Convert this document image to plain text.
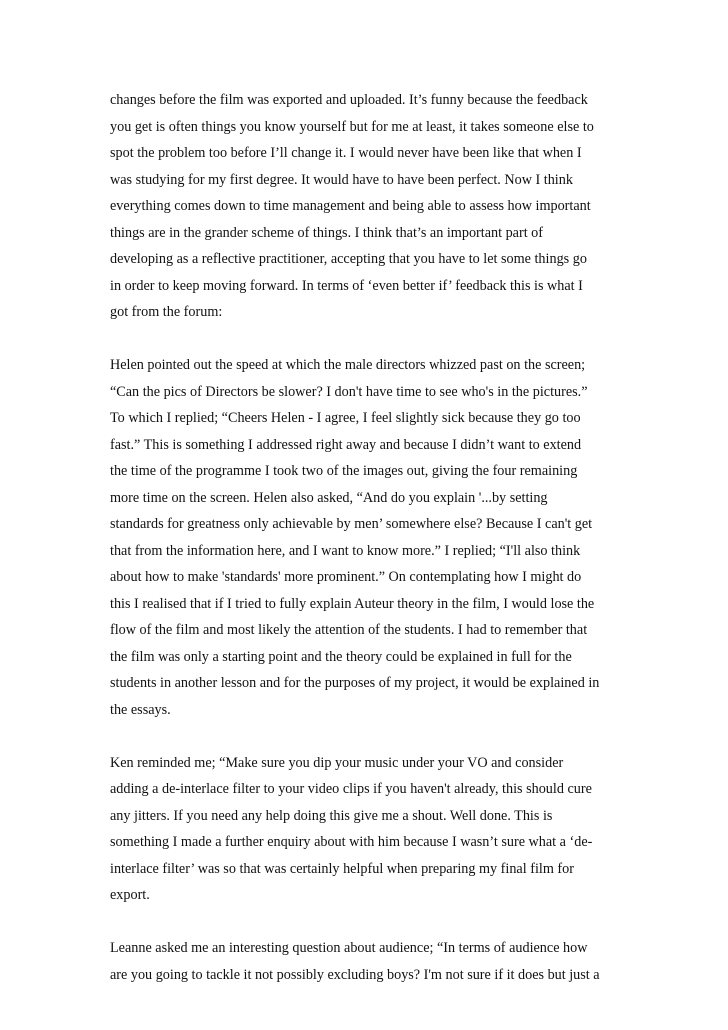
changes before the film was exported and uploaded. It’s funny because the feedback
you get is often things you know yourself but for me at least, it takes someone else to
spot the problem too before I’ll change it. I would never have been like that when I
was studying for my first degree. It would have to have been perfect. Now I think
everything comes down to time management and being able to assess how important
things are in the grander scheme of things. I think that’s an important part of
developing as a reflective practitioner, accepting that you have to let some things go
in order to keep moving forward. In terms of ‘even better if’ feedback this is what I
got from the forum:
Helen pointed out the speed at which the male directors whizzed past on the screen;
“Can the pics of Directors be slower? I don't have time to see who's in the pictures.”
To which I replied; “Cheers Helen - I agree, I feel slightly sick because they go too
fast.” This is something I addressed right away and because I didn’t want to extend
the time of the programme I took two of the images out, giving the four remaining
more time on the screen. Helen also asked, “And do you explain '...by setting
standards for greatness only achievable by men’ somewhere else? Because I can't get
that from the information here, and I want to know more.” I replied; “I'll also think
about how to make 'standards' more prominent.” On contemplating how I might do
this I realised that if I tried to fully explain Auteur theory in the film, I would lose the
flow of the film and most likely the attention of the students. I had to remember that
the film was only a starting point and the theory could be explained in full for the
students in another lesson and for the purposes of my project, it would be explained in
the essays.
Ken reminded me; “Make sure you dip your music under your VO and consider
adding a de-interlace filter to your video clips if you haven't already, this should cure
any jitters. If you need any help doing this give me a shout. Well done. This is
something I made a further enquiry about with him because I wasn’t sure what a ‘de-
interlace filter’ was so that was certainly helpful when preparing my final film for
export.
Leanne asked me an interesting question about audience; “In terms of audience how
are you going to tackle it not possibly excluding boys? I'm not sure if it does but just a
